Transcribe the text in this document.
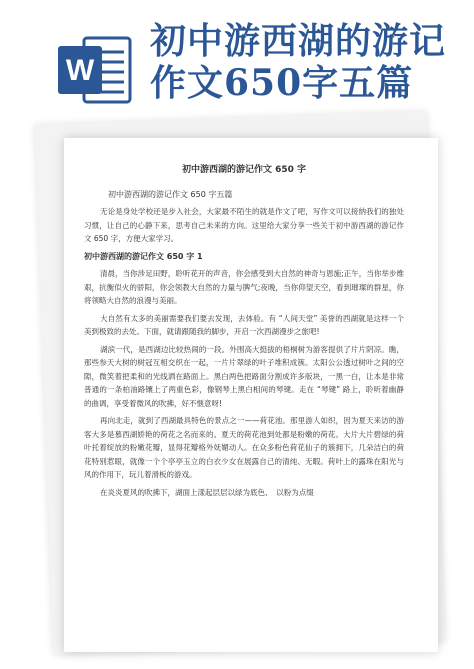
W
初中游西湖的游记
作文650字五篇
初中游西湖的游记作文 650 字
初中游西湖的游记作文 650 字五篇

无论是身处学校还是步入社会，大家最不陌生的就是作文了吧，写作文可以接纳我们的独处习惯，让自己的心静下来，思考自己未来的方向。这里给大家分享一些关于初中游西湖的游记作文 650 字，方便大家学习。

初中游西湖的游记作文 650 字 1

清晨，当你涉足田野，聆听花开的声音，你会感受到大自然的神奇与恩施;正午，当你举步维艰，抗衡似火的骄阳，你会领教大自然的力量与脾气;夜晚，当你仰望天空，看到璀璨的群星，你将领略大自然的浪漫与美丽。

大自然有太多的美丽需要我们要去发现，去体验。有 “人间天堂” 美誉的西湖就是这样一个美到极致的去处。下面，就请跟随我的脚步，开启一次西湖漫步之旅吧!

湖滨一代，是西湖边比较热闹的一段。外围高大挺拔的梧桐树为游客提供了片片阴凉。瞧，那些参天大树的树冠互相交织在一起，一片片翠绿的叶子堆积成簇。太阳公公透过树叶之间的空隙，微笑着把柔和的光线洒在路面上。黑白两色把路面分割成许多版块，一黑一白，让本是非常普通的一条柏油路镶上了两重色彩，像钢琴上黑白相间的琴键。走在 “琴键” 路上，聆听着幽静的曲调，享受着微风的吹拂，好不惬意呀!

再向北走，就到了西湖最具特色的景点之一——荷花池。那里游人如织，因为夏天来访的游客大多是慕西湖娇艳的荷花之名而来的。夏天的荷花池到处都是粉嫩的荷花。大片大片碧绿的荷叶托着绽放的粉嫩花瓣，显得花瓣格外妩媚动人。在众多粉色荷花仙子的簇拥下，几朵洁白的荷花特别惹眼，就像一个个亭亭玉立的白衣少女在展露自己的清纯、无暇。荷叶上的露珠在阳光与风的作用下，玩儿着滑板的游戏。

在炎炎夏风的吹拂下，湖面上漾起层层以绿为底色、　以粉为点缀
